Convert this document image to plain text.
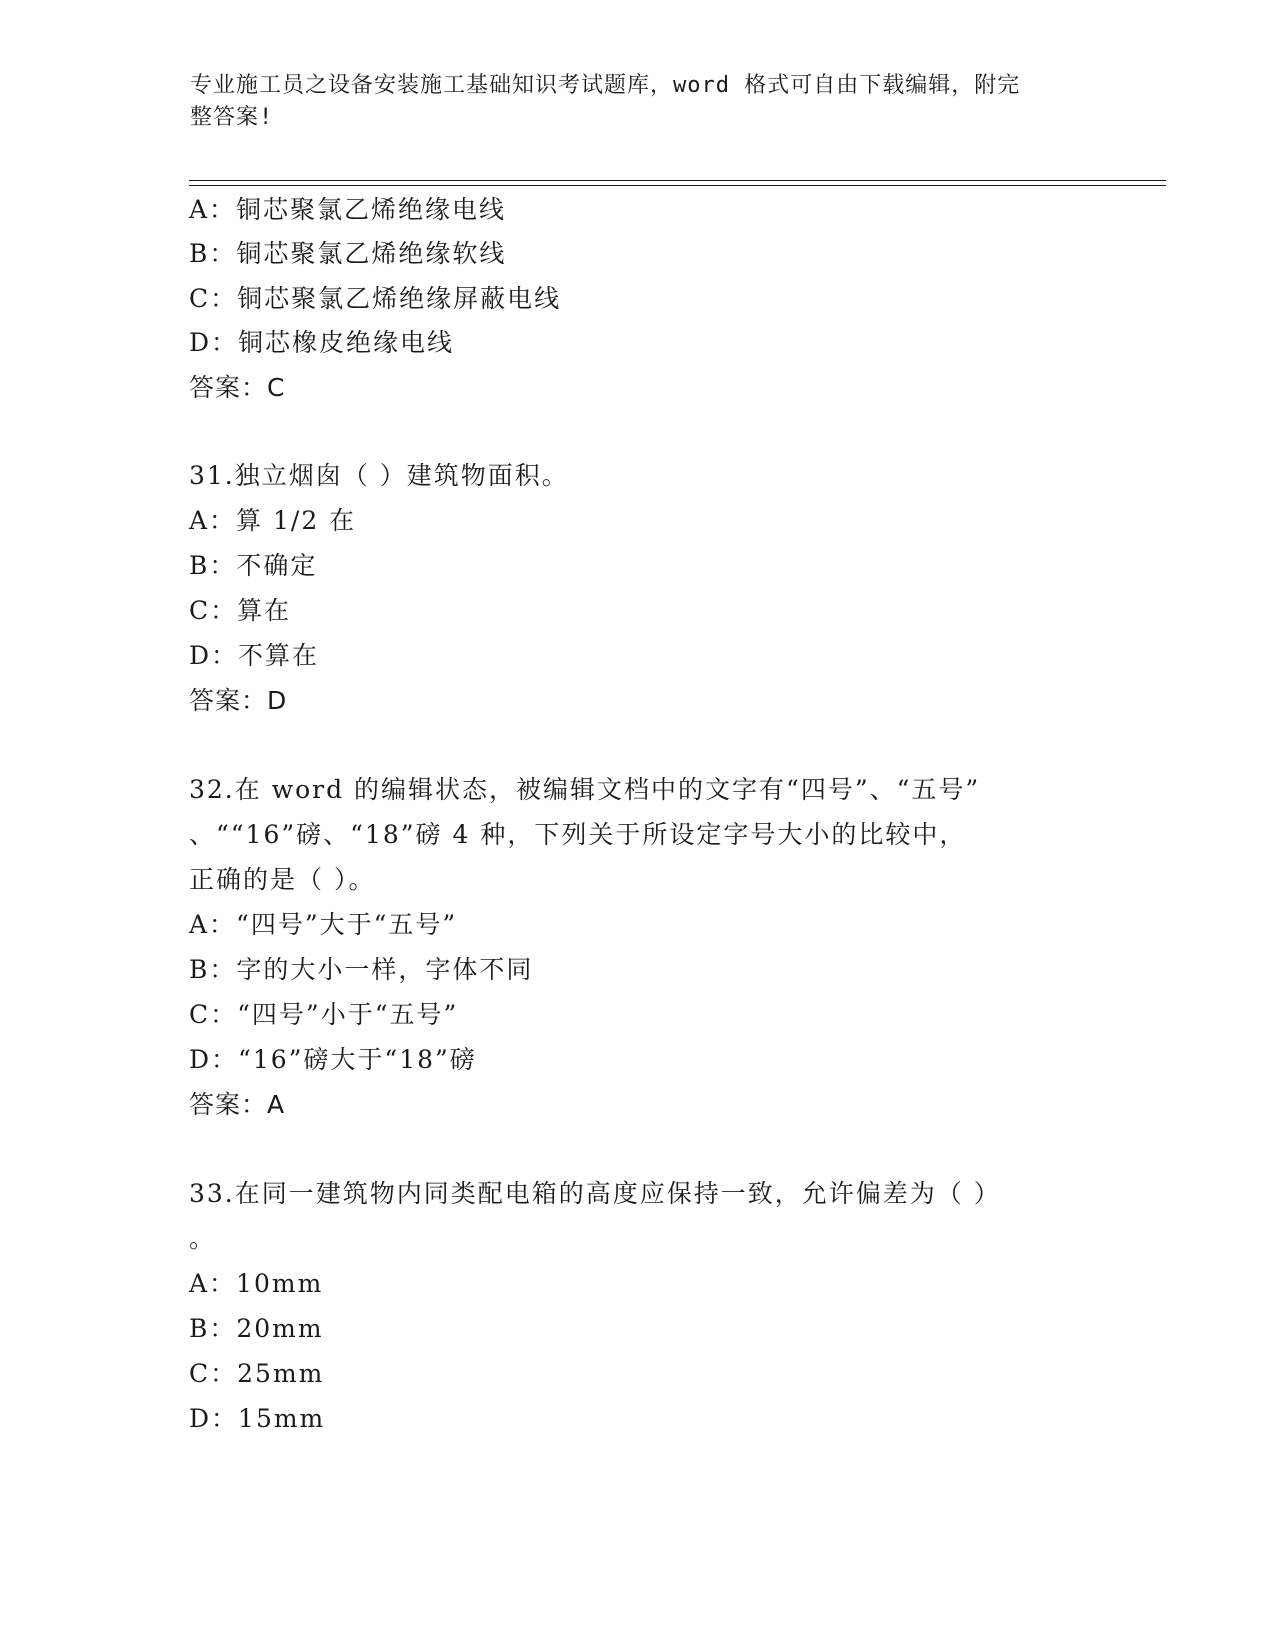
专业施工员之设备安装施工基础知识考试题库，word 格式可自由下载编辑，附完
整答案!
A：铜芯聚氯乙烯绝缘电线
B：铜芯聚氯乙烯绝缘软线
C：铜芯聚氯乙烯绝缘屏蔽电线
D：铜芯橡皮绝缘电线
答案：C
31.独立烟囱（ ）建筑物面积。
A：算 1/2 在
B：不确定
C：算在
D：不算在
答案：D
32.在 word 的编辑状态，被编辑文档中的文字有“四号”、“五号”
、““16”磅、“18”磅 4 种，下列关于所设定字号大小的比较中，
正确的是（ ）。
A：“四号”大于“五号”
B：字的大小一样，字体不同
C：“四号”小于“五号”
D：“16”磅大于“18”磅
答案：A
33.在同一建筑物内同类配电箱的高度应保持一致，允许偏差为（ ）
。
A：10mm
B：20mm
C：25mm
D：15mm
